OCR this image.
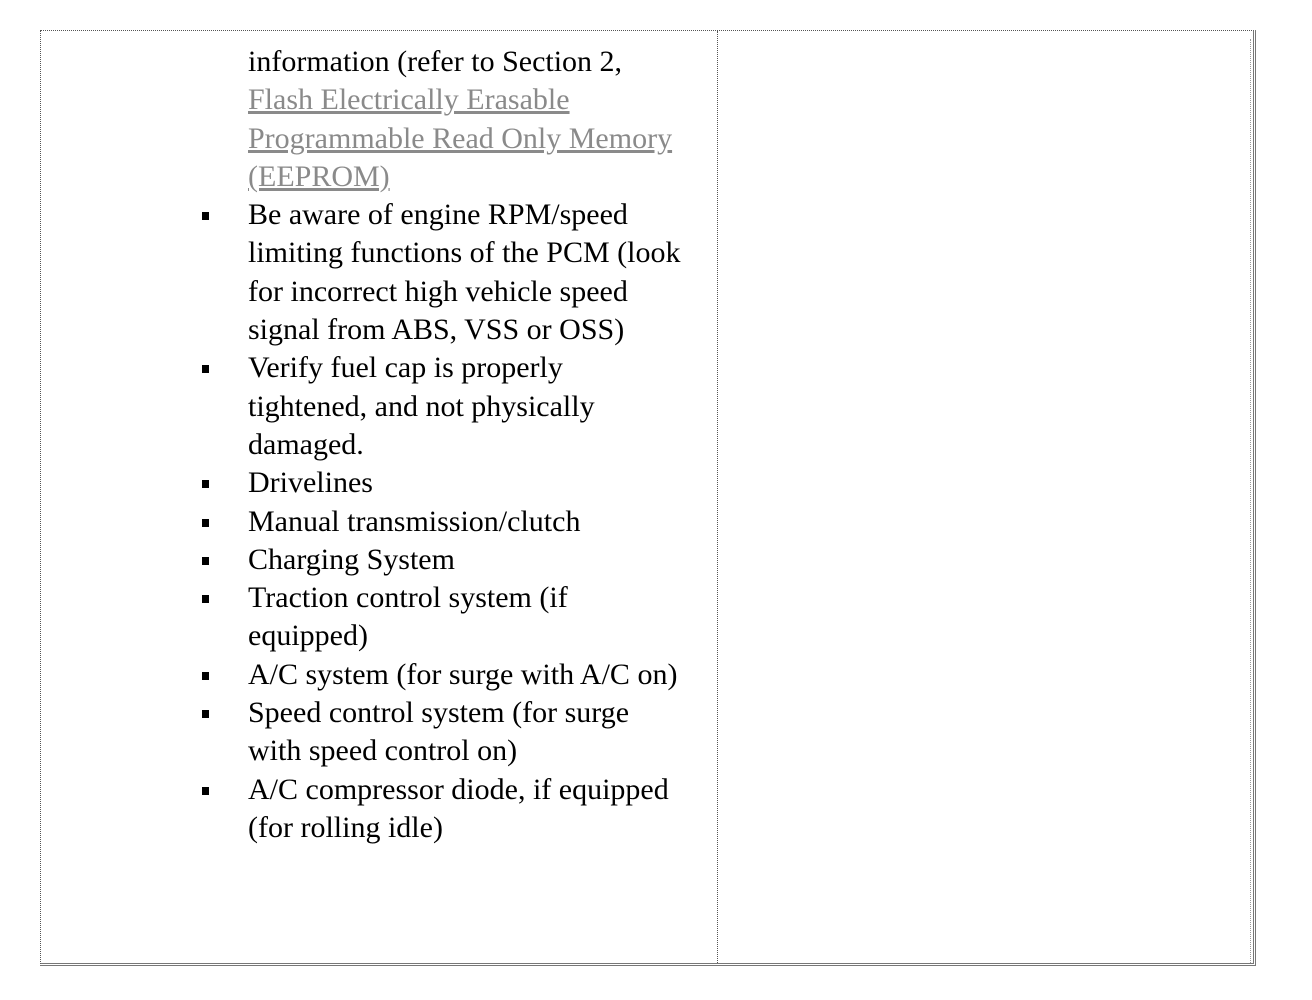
information (refer to Section 2, Flash Electrically Erasable Programmable Read Only Memory (EEPROM)

Be aware of engine RPM/speed limiting functions of the PCM (look for incorrect high vehicle speed signal from ABS, VSS or OSS)
Verify fuel cap is properly tightened, and not physically damaged.
Drivelines
Manual transmission/clutch
Charging System
Traction control system (if equipped)
A/C system (for surge with A/C on)
Speed control system (for surge with speed control on)
A/C compressor diode, if equipped (for rolling idle)
